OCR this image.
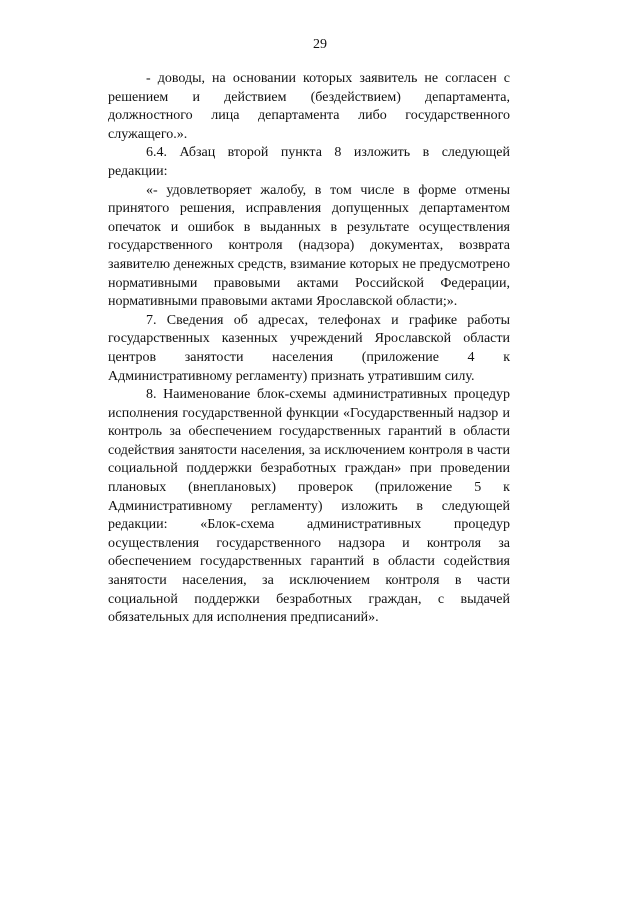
29

- доводы, на основании которых заявитель не согласен с решением и действием (бездействием) департамента, должностного лица департамента либо государственного служащего.».

6.4. Абзац второй пункта 8 изложить в следующей редакции:

«- удовлетворяет жалобу, в том числе в форме отмены принятого решения, исправления допущенных департаментом опечаток и ошибок в выданных в результате осуществления государственного контроля (надзора) документах, возврата заявителю денежных средств, взимание которых не предусмотрено нормативными правовыми актами Российской Федерации, нормативными правовыми актами Ярославской области;».

7. Сведения об адресах, телефонах и графике работы государственных казенных учреждений Ярославской области центров занятости населения (приложение 4 к Административному регламенту) признать утратившим силу.

8. Наименование блок-схемы административных процедур исполнения государственной функции «Государственный надзор и контроль за обеспечением государственных гарантий в области содействия занятости населения, за исключением контроля в части социальной поддержки безработных граждан» при проведении плановых (внеплановых) проверок (приложение 5 к Административному регламенту) изложить в следующей редакции: «Блок-схема административных процедур осуществления государственного надзора и контроля за обеспечением государственных гарантий в области содействия занятости населения, за исключением контроля в части социальной поддержки безработных граждан, с выдачей обязательных для исполнения предписаний».
